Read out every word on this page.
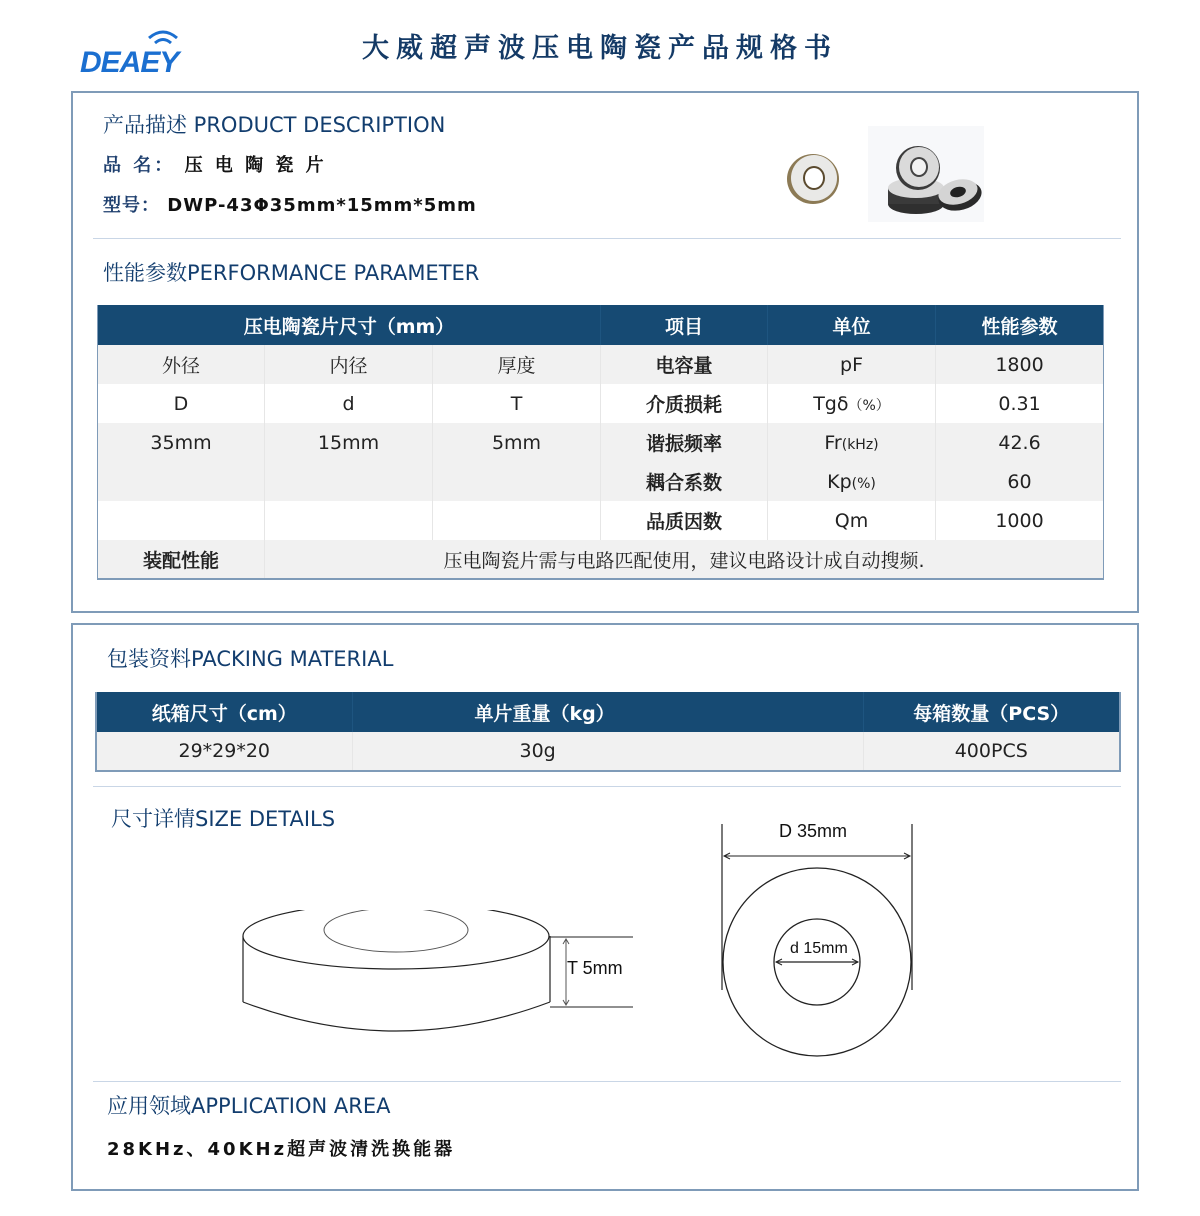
DEAEY	大威超声波压电陶瓷产品规格书
产品描述 PRODUCT DESCRIPTION
品 名： 压 电 陶 瓷 片
型号： DWP-43Φ35mm*15mm*5mm
性能参数PERFORMANCE PARAMETER
压电陶瓷片尺寸（mm）			项目	单位	性能参数
外径	内径	厚度	电容量	pF	1800
D	d	T	介质损耗	Tgδ（%）	0.31
35mm	15mm	5mm	谐振频率	Fr(kHz)	42.6
			耦合系数	Kp(%)	60
			品质因数	Qm	1000
装配性能	压电陶瓷片需与电路匹配使用，建议电路设计成自动搜频.				
包装资料PACKING MATERIAL
纸箱尺寸（cm）	单片重量（kg）	每箱数量（PCS）
29*29*20	30g	400PCS
尺寸详情SIZE DETAILS
T 5mm
D 35mm
d 15mm
应用领域APPLICATION AREA
28KHz、40KHz超声波清洗换能器
